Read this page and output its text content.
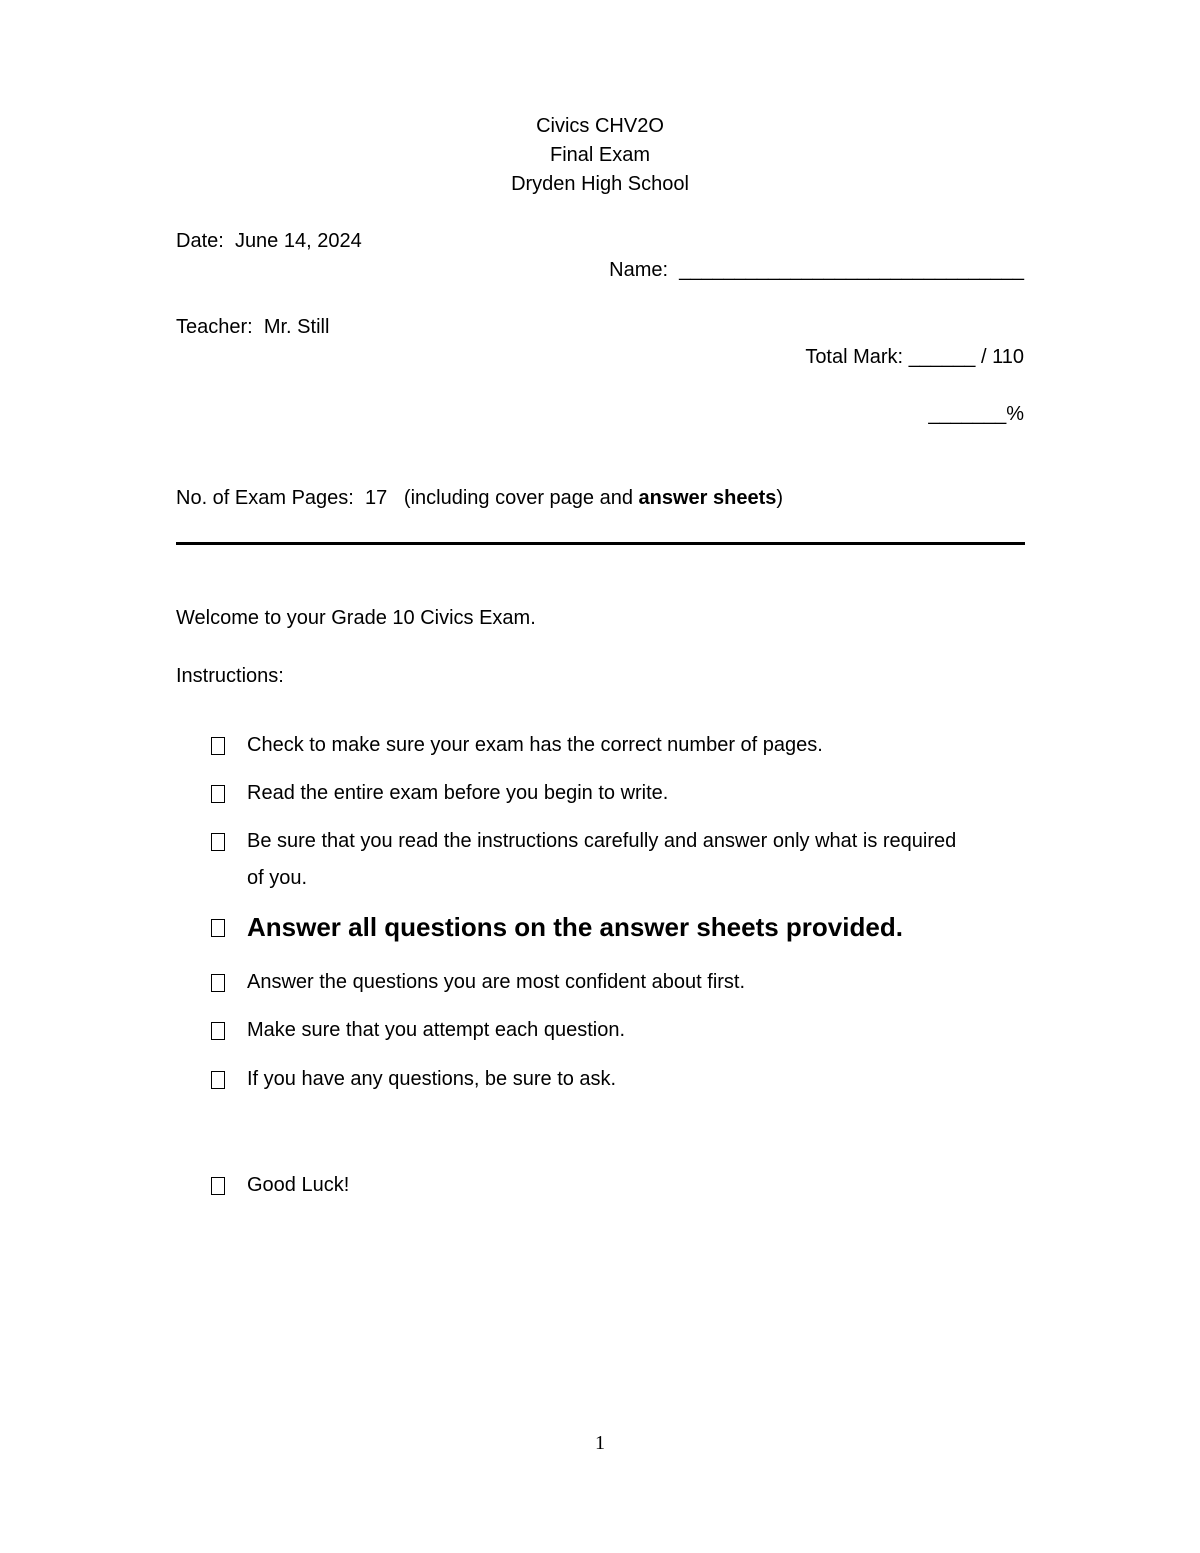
Civics CHV2O
Final Exam
Dryden High School
Date: June 14, 2024
Name: _______________________________
Teacher: Mr. Still
Total Mark: ______ / 110
_______%
No. of Exam Pages: 17 (including cover page and answer sheets)
Welcome to your Grade 10 Civics Exam.
Instructions:
Check to make sure your exam has the correct number of pages.
Read the entire exam before you begin to write.
Be sure that you read the instructions carefully and answer only what is required
of you.
Answer all questions on the answer sheets provided.
Answer the questions you are most confident about first.
Make sure that you attempt each question.
If you have any questions, be sure to ask.
Good Luck!
1
